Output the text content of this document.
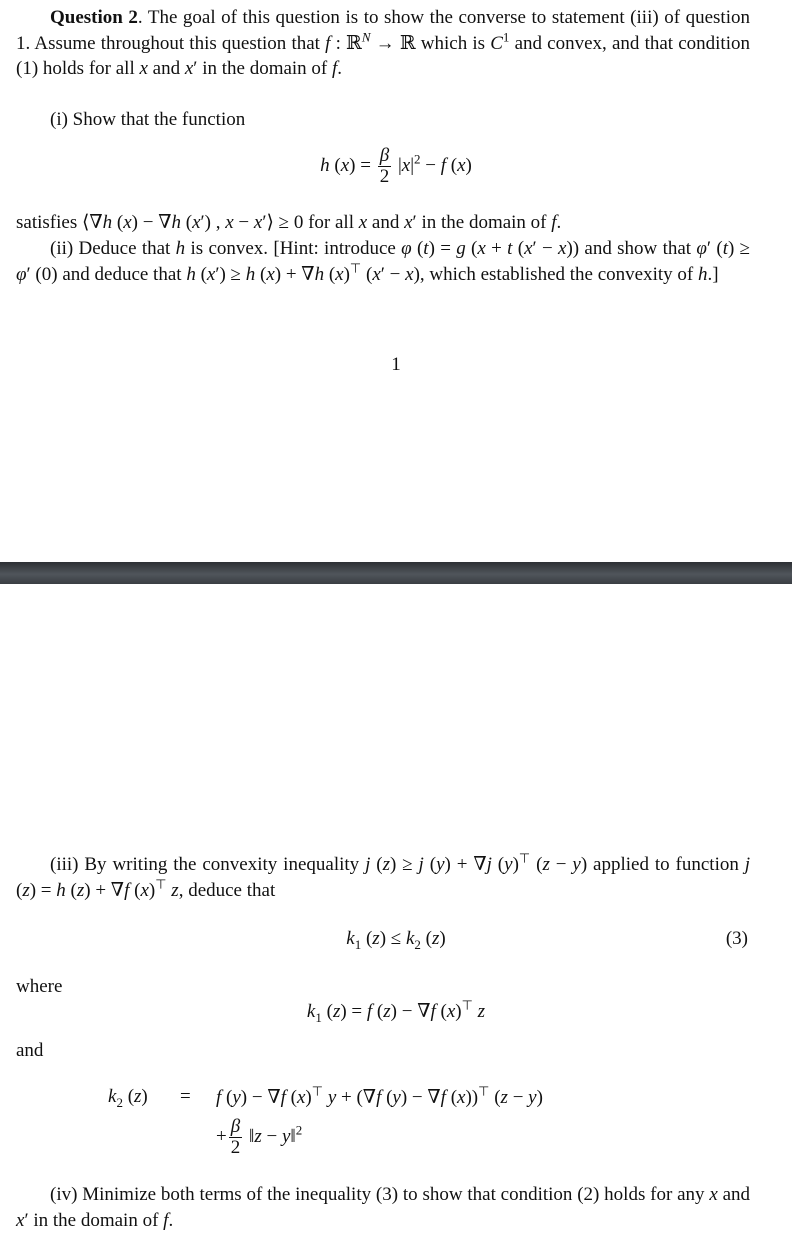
Question 2. The goal of this question is to show the converse to statement (iii) of question 1. Assume throughout this question that f : ℝ$^N$ → ℝ which is $C^1$ and convex, and that condition (1) holds for all x and x′ in the domain of f.

(i) Show that the function

h $(x) = \frac{\beta}{2} |x|^2 - f$ (x)

satisfies ⟨∇h (x) − ∇h (x′) , x − x′⟩ ≥ 0 for all x and x′ in the domain of f.

(ii) Deduce that h is convex. [Hint: introduce φ (t) = g (x + t (x′ − x)) and show that φ′ (t) ≥ φ′ (0) and deduce that h (x′) ≥ h (x) + ∇h (x)⊤ (x′ − x), which established the convexity of h.]

1

(iii) By writing the convexity inequality j (z) ≥ j (y) + ∇j (y)⊤ (z − y) applied to function j (z) = h (z) + ∇f (x)⊤ z, deduce that

$k_1$ $(z) \le k_2$ (z)	(3)

where

$k_1$ (z) = f (z) − ∇f (x)⊤ z

and

$k_2$ (z) = f (y) − ∇f (x)⊤ y + (∇f (y) − ∇f (x))⊤ (z − y)
+ $\frac{\beta}{2}$ ‖z − y‖$^2$

(iv) Minimize both terms of the inequality (3) to show that condition (2) holds for any x and x′ in the domain of f.
